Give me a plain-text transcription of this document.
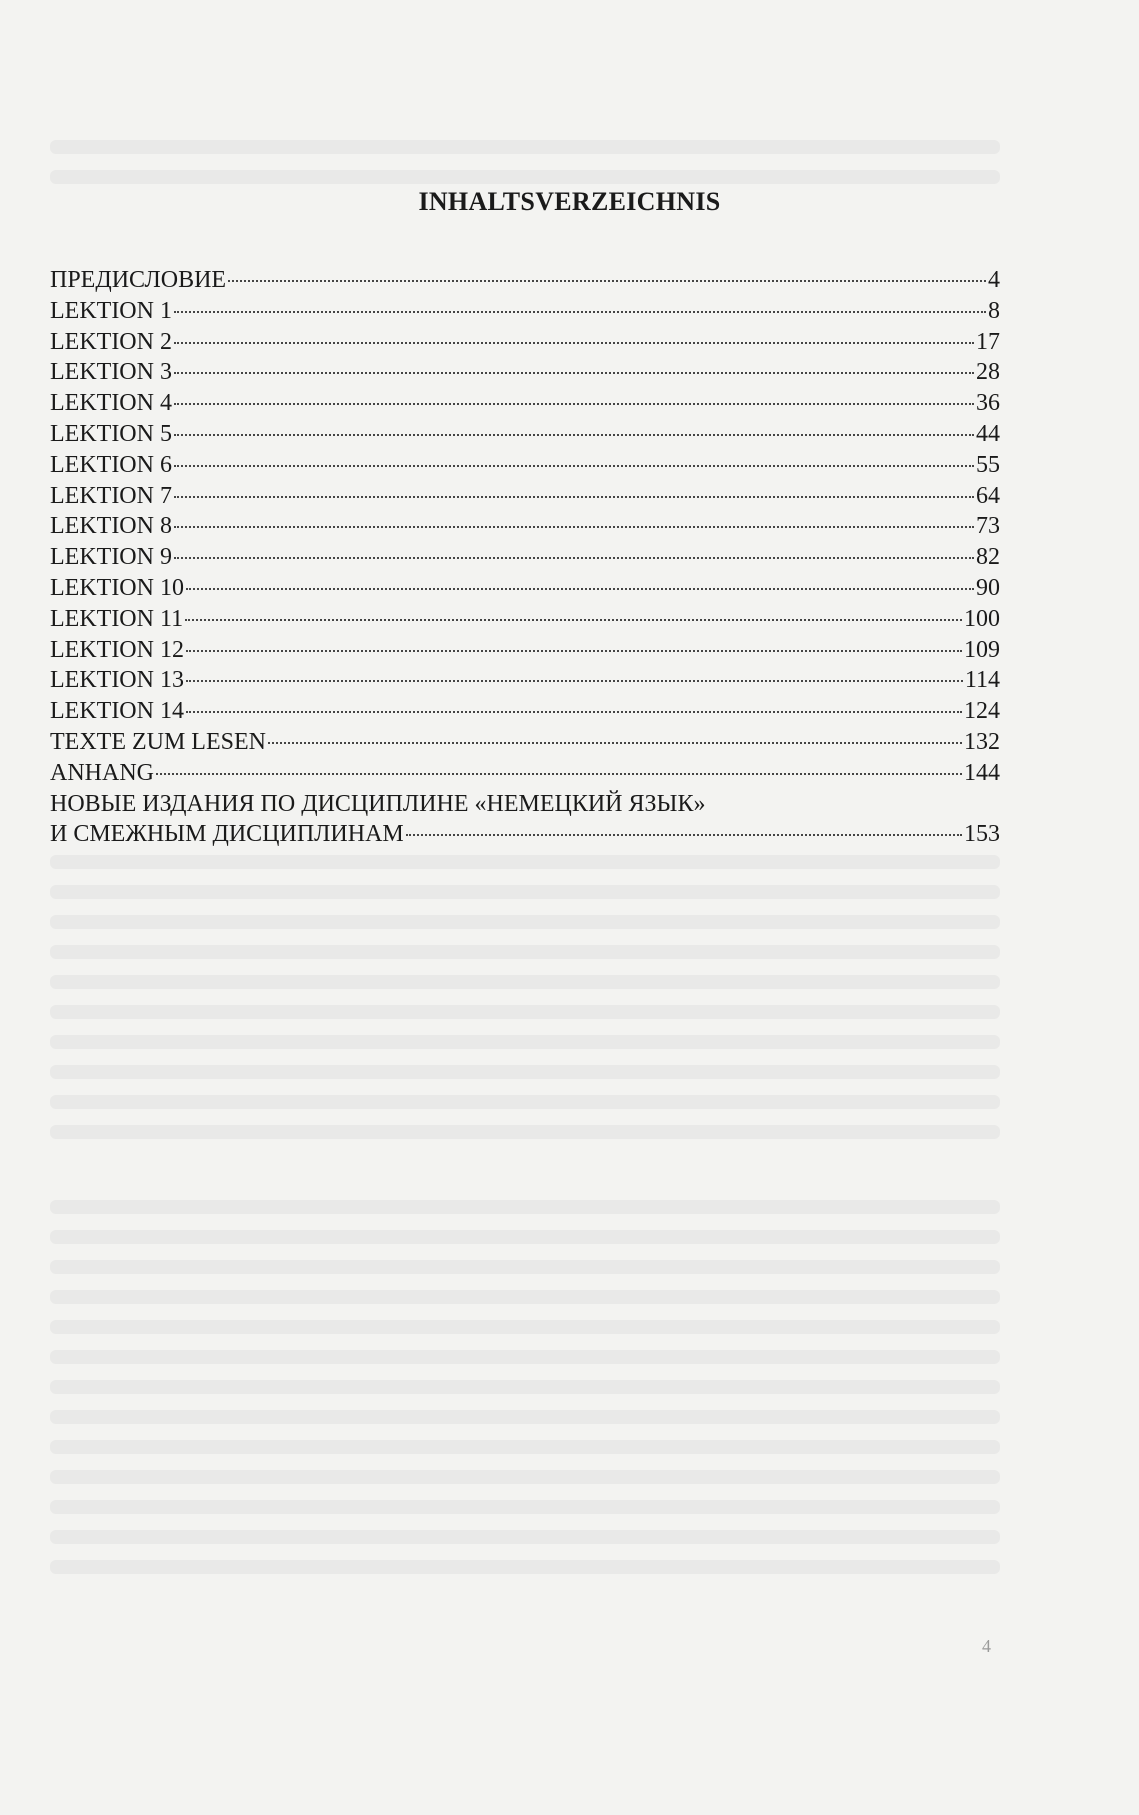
INHALTSVERZEICHNIS
ПРЕДИСЛОВИЕ	4
LEKTION 1	8
LEKTION 2	17
LEKTION 3	28
LEKTION 4	36
LEKTION 5	44
LEKTION 6	55
LEKTION 7	64
LEKTION 8	73
LEKTION 9	82
LEKTION 10	90
LEKTION 11	100
LEKTION 12	109
LEKTION 13	114
LEKTION 14	124
TEXTE ZUM LESEN	132
ANHANG	144
НОВЫЕ ИЗДАНИЯ ПО ДИСЦИПЛИНЕ «НЕМЕЦКИЙ ЯЗЫК»
И СМЕЖНЫМ ДИСЦИПЛИНАМ	153
4
